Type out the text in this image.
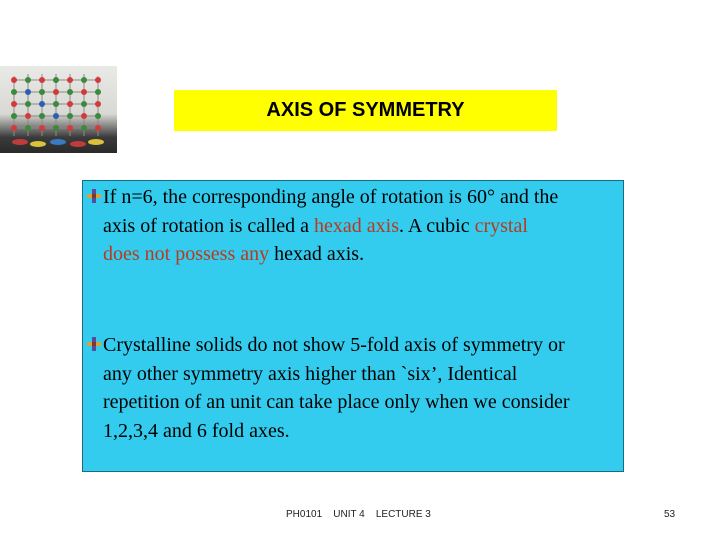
AXIS OF SYMMETRY
If n=6, the corresponding angle of rotation is 60° and the axis of rotation is called a hexad axis. A cubic crystal does not possess any hexad axis.
Crystalline solids do not show 5-fold axis of symmetry or any other symmetry axis higher than `six’, Identical repetition of an unit can take place only when we consider 1,2,3,4 and 6 fold axes.
PH0101    UNIT 4    LECTURE 3	53
